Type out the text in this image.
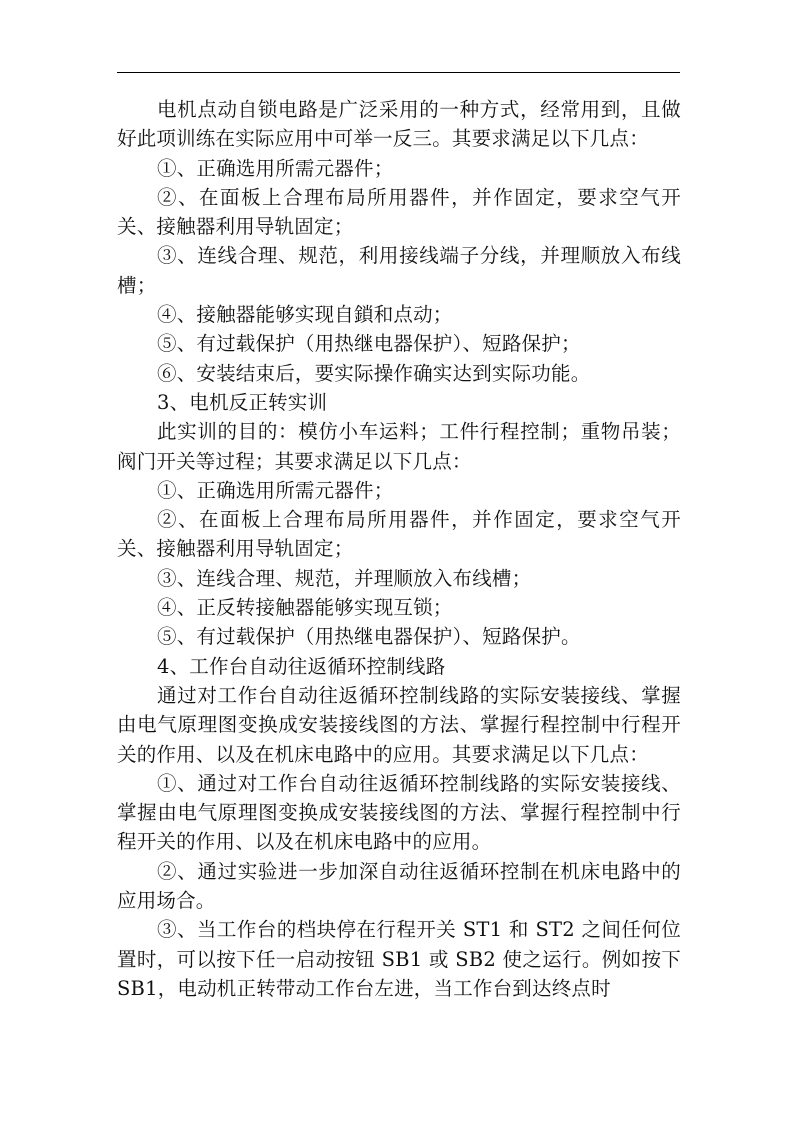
电机点动自锁电路是广泛采用的一种方式，经常用到，且做好此项训练在实际应用中可举一反三。其要求满足以下几点：

①、正确选用所需元器件；

②、在面板上合理布局所用器件，并作固定，要求空气开关、接触器利用导轨固定；

③、连线合理、规范，利用接线端子分线，并理顺放入布线槽；

④、接触器能够实现自鎖和点动；

⑤、有过载保护（用热继电器保护）、短路保护；

⑥、安装结束后，要实际操作确实达到实际功能。

3、电机反正转实训

此实训的目的：模仿小车运料；工件行程控制；重物吊装；阀门开关等过程；其要求满足以下几点：

①、正确选用所需元器件；

②、在面板上合理布局所用器件，并作固定，要求空气开关、接触器利用导轨固定；

③、连线合理、规范，并理顺放入布线槽；

④、正反转接触器能够实现互锁；

⑤、有过载保护（用热继电器保护）、短路保护。

4、工作台自动往返循环控制线路

通过对工作台自动往返循环控制线路的实际安装接线、掌握由电气原理图变换成安装接线图的方法、掌握行程控制中行程开关的作用、以及在机床电路中的应用。其要求满足以下几点：

①、通过对工作台自动往返循环控制线路的实际安装接线、掌握由电气原理图变换成安装接线图的方法、掌握行程控制中行程开关的作用、以及在机床电路中的应用。

②、通过实验进一步加深自动往返循环控制在机床电路中的应用场合。

③、当工作台的档块停在行程开关 ST1 和 ST2 之间任何位置时，可以按下任一启动按钮 SB1 或 SB2 使之运行。例如按下 SB1，电动机正转带动工作台左进，当工作台到达终点时
